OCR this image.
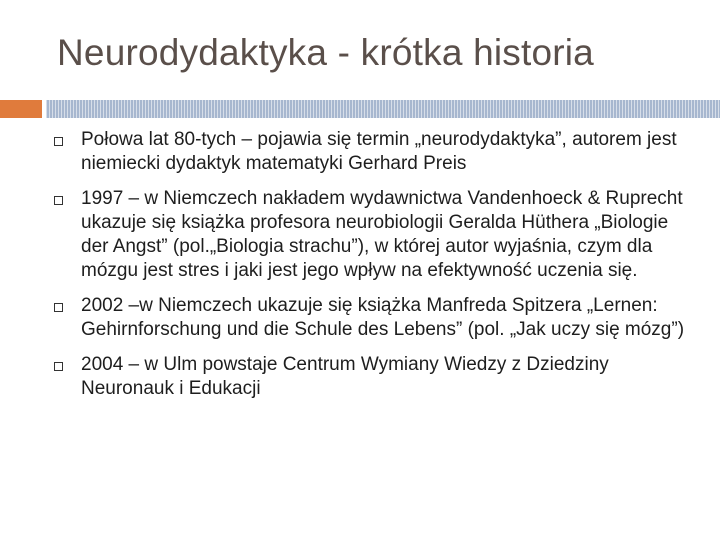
Neurodydaktyka - krótka historia
Połowa lat 80-tych – pojawia się termin „neurodydaktyka”, autorem jest niemiecki dydaktyk matematyki Gerhard Preis
1997 – w Niemczech nakładem wydawnictwa Vandenhoeck & Ruprecht ukazuje się książka profesora neurobiologii Geralda Hüthera „Biologie der Angst” (pol.„Biologia strachu”), w której autor wyjaśnia, czym dla mózgu jest stres i jaki jest jego wpływ na efektywność uczenia się.
2002 –w Niemczech ukazuje się książka Manfreda Spitzera „Lernen: Gehirnforschung und die Schule des Lebens” (pol. „Jak uczy się mózg”)
2004 – w Ulm powstaje Centrum Wymiany Wiedzy z Dziedziny Neuronauk i Edukacji
